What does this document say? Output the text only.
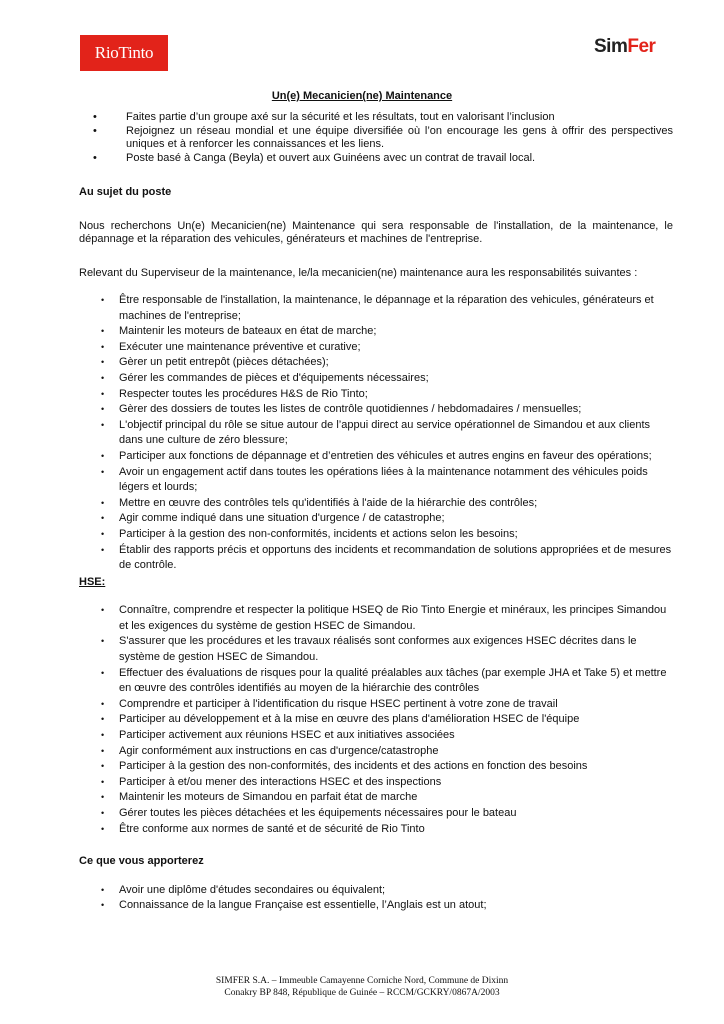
RioTinto	SimFer
Un(e) Mecanicien(ne) Maintenance
• Faites partie d’un groupe axé sur la sécurité et les résultats, tout en valorisant l’inclusion
• Rejoignez un réseau mondial et une équipe diversifiée où l’on encourage les gens à offrir des perspectives uniques et à renforcer les connaissances et les liens.
• Poste basé à Canga (Beyla) et ouvert aux Guinéens avec un contrat de travail local.
Au sujet du poste

Nous recherchons Un(e) Mecanicien(ne) Maintenance qui sera responsable de l'installation, de la maintenance, le dépannage et la réparation des vehicules, générateurs et machines de l'entreprise.

Relevant du Superviseur de la maintenance, le/la mecanicien(ne) maintenance aura les responsabilités suivantes :

• Être responsable de l'installation, la maintenance, le dépannage et la réparation des vehicules, générateurs et machines de l'entreprise;
• Maintenir les moteurs de bateaux en état de marche;
• Exécuter une maintenance préventive et curative;
• Gèrer un petit entrepôt (pièces détachées);
• Gérer les commandes de pièces et d'équipements nécessaires;
• Respecter toutes les procédures H&S de Rio Tinto;
• Gèrer des dossiers de toutes les listes de contrôle quotidiennes / hebdomadaires / mensuelles;
• L'objectif principal du rôle se situe autour de l’appui direct au service opérationnel de Simandou et aux clients dans une culture de zéro blessure;
• Participer aux fonctions de dépannage et d’entretien des véhicules et autres engins en faveur des opérations;
• Avoir un engagement actif dans toutes les opérations liées à la maintenance notamment des véhicules poids légers et lourds;
• Mettre en œuvre des contrôles tels qu'identifiés à l'aide de la hiérarchie des contrôles;
• Agir comme indiqué dans une situation d'urgence / de catastrophe;
• Participer à la gestion des non-conformités, incidents et actions selon les besoins;
• Établir des rapports précis et opportuns des incidents et recommandation de solutions appropriées et de mesures de contrôle.
HSE:
• Connaître, comprendre et respecter la politique HSEQ de Rio Tinto Energie et minéraux, les principes Simandou et les exigences du système de gestion HSEC de Simandou.
• S'assurer que les procédures et les travaux réalisés sont conformes aux exigences HSEC décrites dans le système de gestion HSEC de Simandou.
• Effectuer des évaluations de risques pour la qualité préalables aux tâches (par exemple JHA et Take 5) et mettre en œuvre des contrôles identifiés au moyen de la hiérarchie des contrôles
• Comprendre et participer à l'identification du risque HSEC pertinent à votre zone de travail
• Participer au développement et à la mise en œuvre des plans d'amélioration HSEC de l'équipe
• Participer activement aux réunions HSEC et aux initiatives associées
• Agir conformément aux instructions en cas d'urgence/catastrophe
• Participer à la gestion des non-conformités, des incidents et des actions en fonction des besoins
• Participer à et/ou mener des interactions HSEC et des inspections
• Maintenir les moteurs de Simandou en parfait état de marche
• Gérer toutes les pièces détachées et les équipements nécessaires pour le bateau
• Être conforme aux normes de santé et de sécurité de Rio Tinto
Ce que vous apporterez
• Avoir une diplôme d'études secondaires ou équivalent;
• Connaissance de la langue Française est essentielle, l’Anglais est un atout;
SIMFER S.A. – Immeuble Camayenne Corniche Nord, Commune de Dixinn
Conakry BP 848, République de Guinée – RCCM/GCKRY/0867A/2003
